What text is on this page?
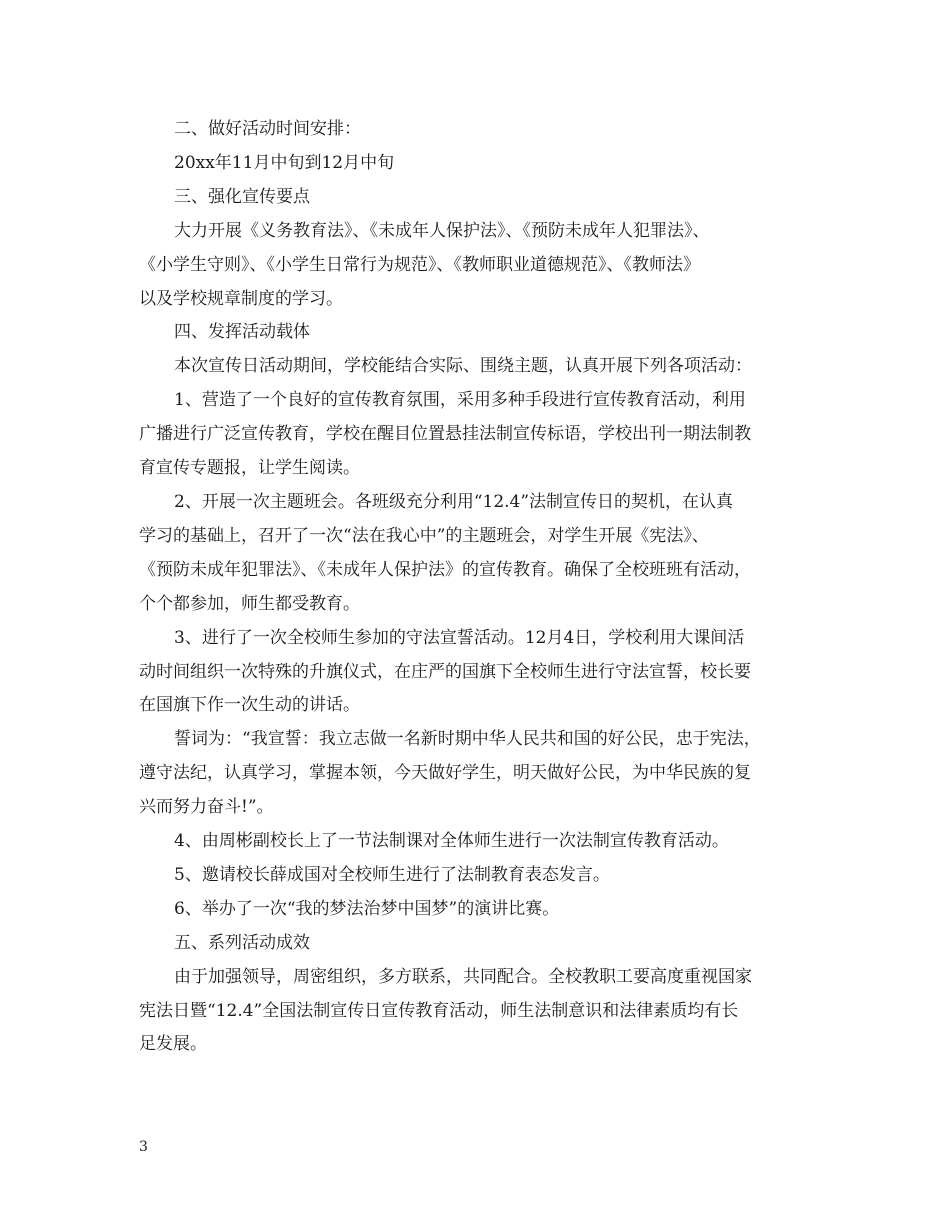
二、做好活动时间安排：
20xx年11月中旬到12月中旬
三、强化宣传要点
大力开展《义务教育法》、《未成年人保护法》、《预防未成年人犯罪法》、
《小学生守则》、《小学生日常行为规范》、《教师职业道德规范》、《教师法》
以及学校规章制度的学习。
四、发挥活动载体
本次宣传日活动期间，学校能结合实际、围绕主题，认真开展下列各项活动：
1、营造了一个良好的宣传教育氛围，采用多种手段进行宣传教育活动，利用
广播进行广泛宣传教育，学校在醒目位置悬挂法制宣传标语，学校出刊一期法制教
育宣传专题报，让学生阅读。
2、开展一次主题班会。各班级充分利用“12.4”法制宣传日的契机，在认真
学习的基础上，召开了一次“法在我心中”的主题班会，对学生开展《宪法》、
《预防未成年犯罪法》、《未成年人保护法》的宣传教育。确保了全校班班有活动，
个个都参加，师生都受教育。
3、进行了一次全校师生参加的守法宣誓活动。12月4日，学校利用大课间活
动时间组织一次特殊的升旗仪式，在庄严的国旗下全校师生进行守法宣誓，校长要
在国旗下作一次生动的讲话。
誓词为：“我宣誓：我立志做一名新时期中华人民共和国的好公民，忠于宪法，
遵守法纪，认真学习，掌握本领，今天做好学生，明天做好公民，为中华民族的复
兴而努力奋斗!”。
4、由周彬副校长上了一节法制课对全体师生进行一次法制宣传教育活动。
5、邀请校长薛成国对全校师生进行了法制教育表态发言。
6、举办了一次“我的梦法治梦中国梦”的演讲比赛。
五、系列活动成效
由于加强领导，周密组织，多方联系，共同配合。全校教职工要高度重视国家
宪法日暨“12.4”全国法制宣传日宣传教育活动，师生法制意识和法律素质均有长
足发展。
3
